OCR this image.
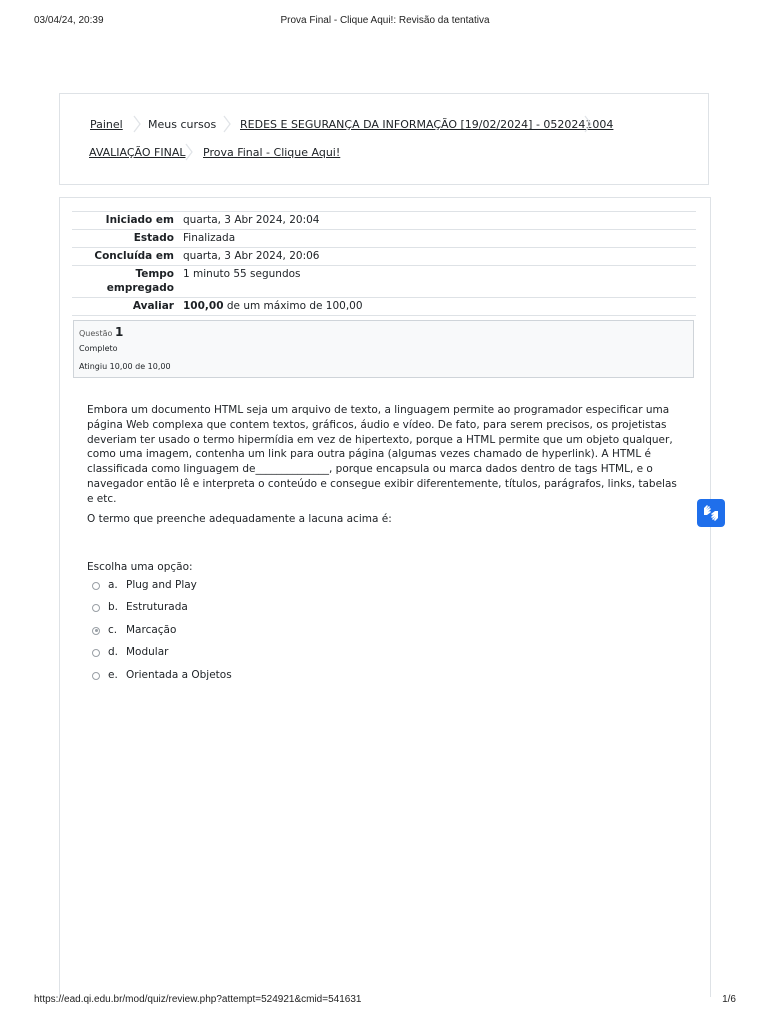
03/04/24, 20:39	Prova Final - Clique Aqui!: Revisão da tentativa
Painel Meus cursos REDES E SEGURANÇA DA INFORMAÇÃO [19/02/2024] - 0520241004
AVALIAÇÃO FINAL Prova Final - Clique Aqui!
Iniciado em	quarta, 3 Abr 2024, 20:04
Estado	Finalizada
Concluída em	quarta, 3 Abr 2024, 20:06
Tempo empregado	1 minuto 55 segundos
Avaliar	100,00 de um máximo de 100,00
Questão 1
Completo
Atingiu 10,00 de 10,00
Embora um documento HTML seja um arquivo de texto, a linguagem permite ao programador especificar uma página Web complexa que contem textos, gráficos, áudio e vídeo. De fato, para serem precisos, os projetistas deveriam ter usado o termo hipermídia em vez de hipertexto, porque a HTML permite que um objeto qualquer, como uma imagem, contenha um link para outra página (algumas vezes chamado de hyperlink). A HTML é classificada como linguagem de______________, porque encapsula ou marca dados dentro de tags HTML, e o navegador então lê e interpreta o conteúdo e consegue exibir diferentemente, títulos, parágrafos, links, tabelas e etc.
O termo que preenche adequadamente a lacuna acima é:
Escolha uma opção:
a. Plug and Play
b. Estruturada
c. Marcação
d. Modular
e. Orientada a Objetos
https://ead.qi.edu.br/mod/quiz/review.php?attempt=524921&cmid=541631	1/6
